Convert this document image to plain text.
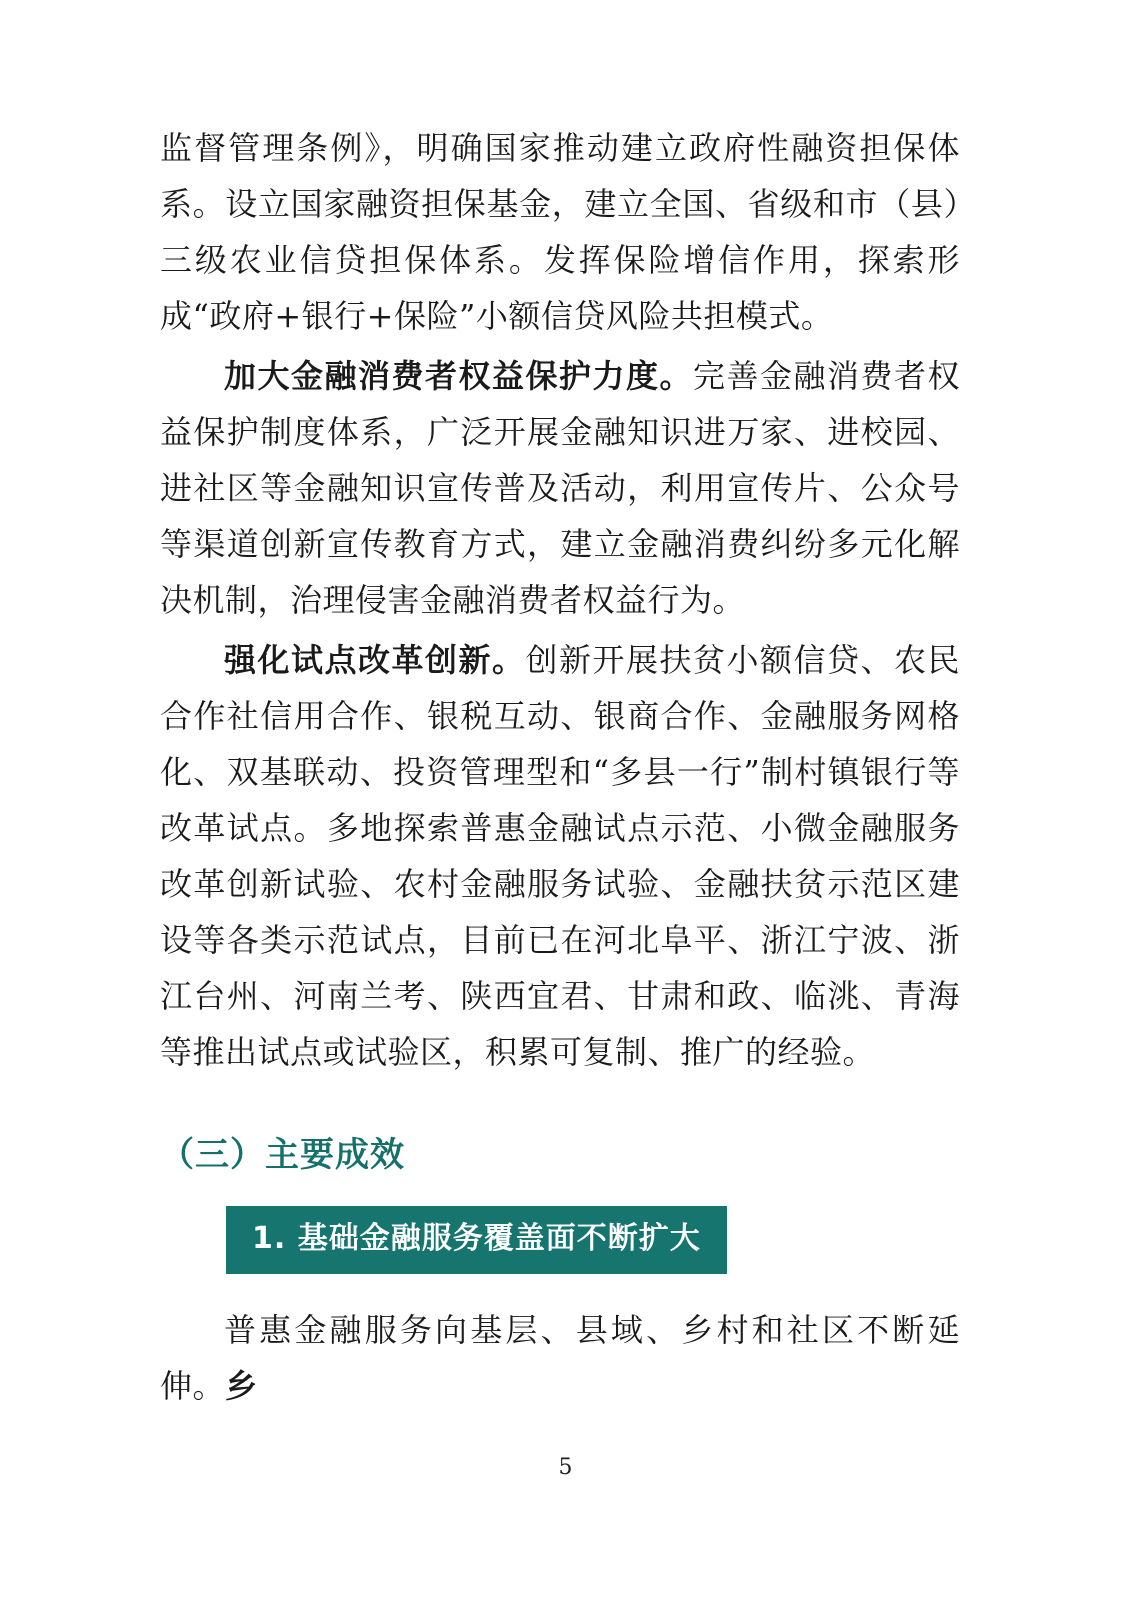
监督管理条例》，明确国家推动建立政府性融资担保体系。设立国家融资担保基金，建立全国、省级和市（县）三级农业信贷担保体系。发挥保险增信作用，探索形成“政府+银行+保险”小额信贷风险共担模式。

加大金融消费者权益保护力度。完善金融消费者权益保护制度体系，广泛开展金融知识进万家、进校园、进社区等金融知识宣传普及活动，利用宣传片、公众号等渠道创新宣传教育方式，建立金融消费纠纷多元化解决机制，治理侵害金融消费者权益行为。

强化试点改革创新。创新开展扶贫小额信贷、农民合作社信用合作、银税互动、银商合作、金融服务网格化、双基联动、投资管理型和“多县一行”制村镇银行等改革试点。多地探索普惠金融试点示范、小微金融服务改革创新试验、农村金融服务试验、金融扶贫示范区建设等各类示范试点，目前已在河北阜平、浙江宁波、浙江台州、河南兰考、陕西宜君、甘肃和政、临洮、青海等推出试点或试验区，积累可复制、推广的经验。

（三）主要成效
1. 基础金融服务覆盖面不断扩大

普惠金融服务向基层、县域、乡村和社区不断延伸。乡

5
